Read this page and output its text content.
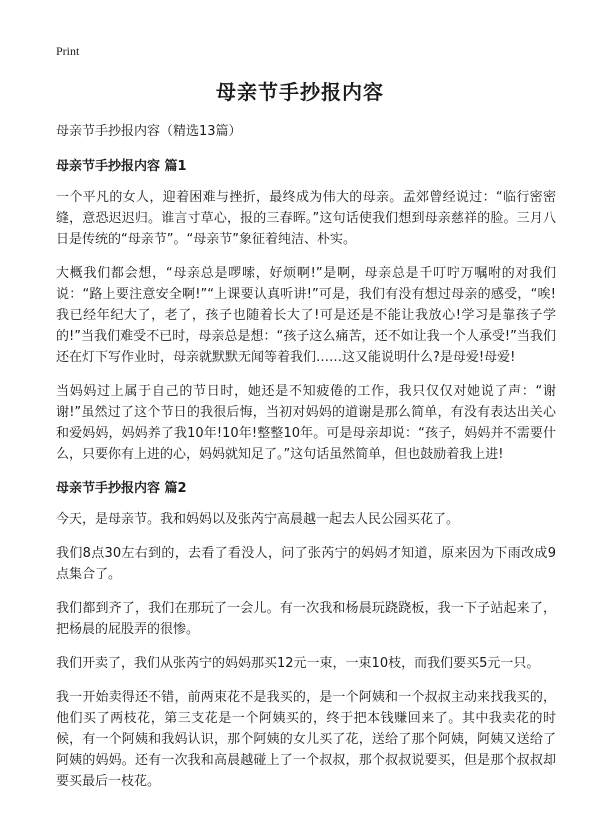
Print
母亲节手抄报内容
母亲节手抄报内容（精选13篇）
母亲节手抄报内容 篇1

一个平凡的女人，迎着困难与挫折，最终成为伟大的母亲。孟郊曾经说过：“临行密密缝，意恐迟迟归。谁言寸草心，报的三春晖。”这句话使我们想到母亲慈祥的脸。三月八日是传统的“母亲节”。“母亲节”象征着纯洁、朴实。

大概我们都会想，“母亲总是啰嗦，好烦啊!”是啊，母亲总是千叮咛万嘱咐的对我们说：“路上要注意安全啊!”“上课要认真听讲!”可是，我们有没有想过母亲的感受，“唉!我已经年纪大了，老了，孩子也随着长大了!可是还是不能让我放心!学习是靠孩子学的!”当我们难受不已时，母亲总是想：“孩子这么痛苦，还不如让我一个人承受!”当我们还在灯下写作业时，母亲就默默无闻等着我们……这又能说明什么?是母爱!母爱!

当妈妈过上属于自己的节日时，她还是不知疲倦的工作，我只仅仅对她说了声：“谢谢!”虽然过了这个节日的我很后悔，当初对妈妈的道谢是那么简单，有没有表达出关心和爱妈妈，妈妈养了我10年!10年!整整10年。可是母亲却说：“孩子，妈妈并不需要什么，只要你有上进的心，妈妈就知足了。”这句话虽然简单，但也鼓励着我上进!

母亲节手抄报内容 篇2

今天，是母亲节。我和妈妈以及张芮宁高晨越一起去人民公园买花了。

我们8点30左右到的，去看了看没人，问了张芮宁的妈妈才知道，原来因为下雨改成9点集合了。

我们都到齐了，我们在那玩了一会儿。有一次我和杨晨玩跷跷板，我一下子站起来了，把杨晨的屁股弄的很惨。

我们开卖了，我们从张芮宁的妈妈那买12元一束，一束10枝，而我们要买5元一只。

我一开始卖得还不错，前两束花不是我买的，是一个阿姨和一个叔叔主动来找我买的，他们买了两枝花，第三支花是一个阿姨买的，终于把本钱赚回来了。其中我卖花的时候，有一个阿姨和我妈认识，那个阿姨的女儿买了花，送给了那个阿姨，阿姨又送给了阿姨的妈妈。还有一次我和高晨越碰上了一个叔叔，那个叔叔说要买，但是那个叔叔却要买最后一枝花。
